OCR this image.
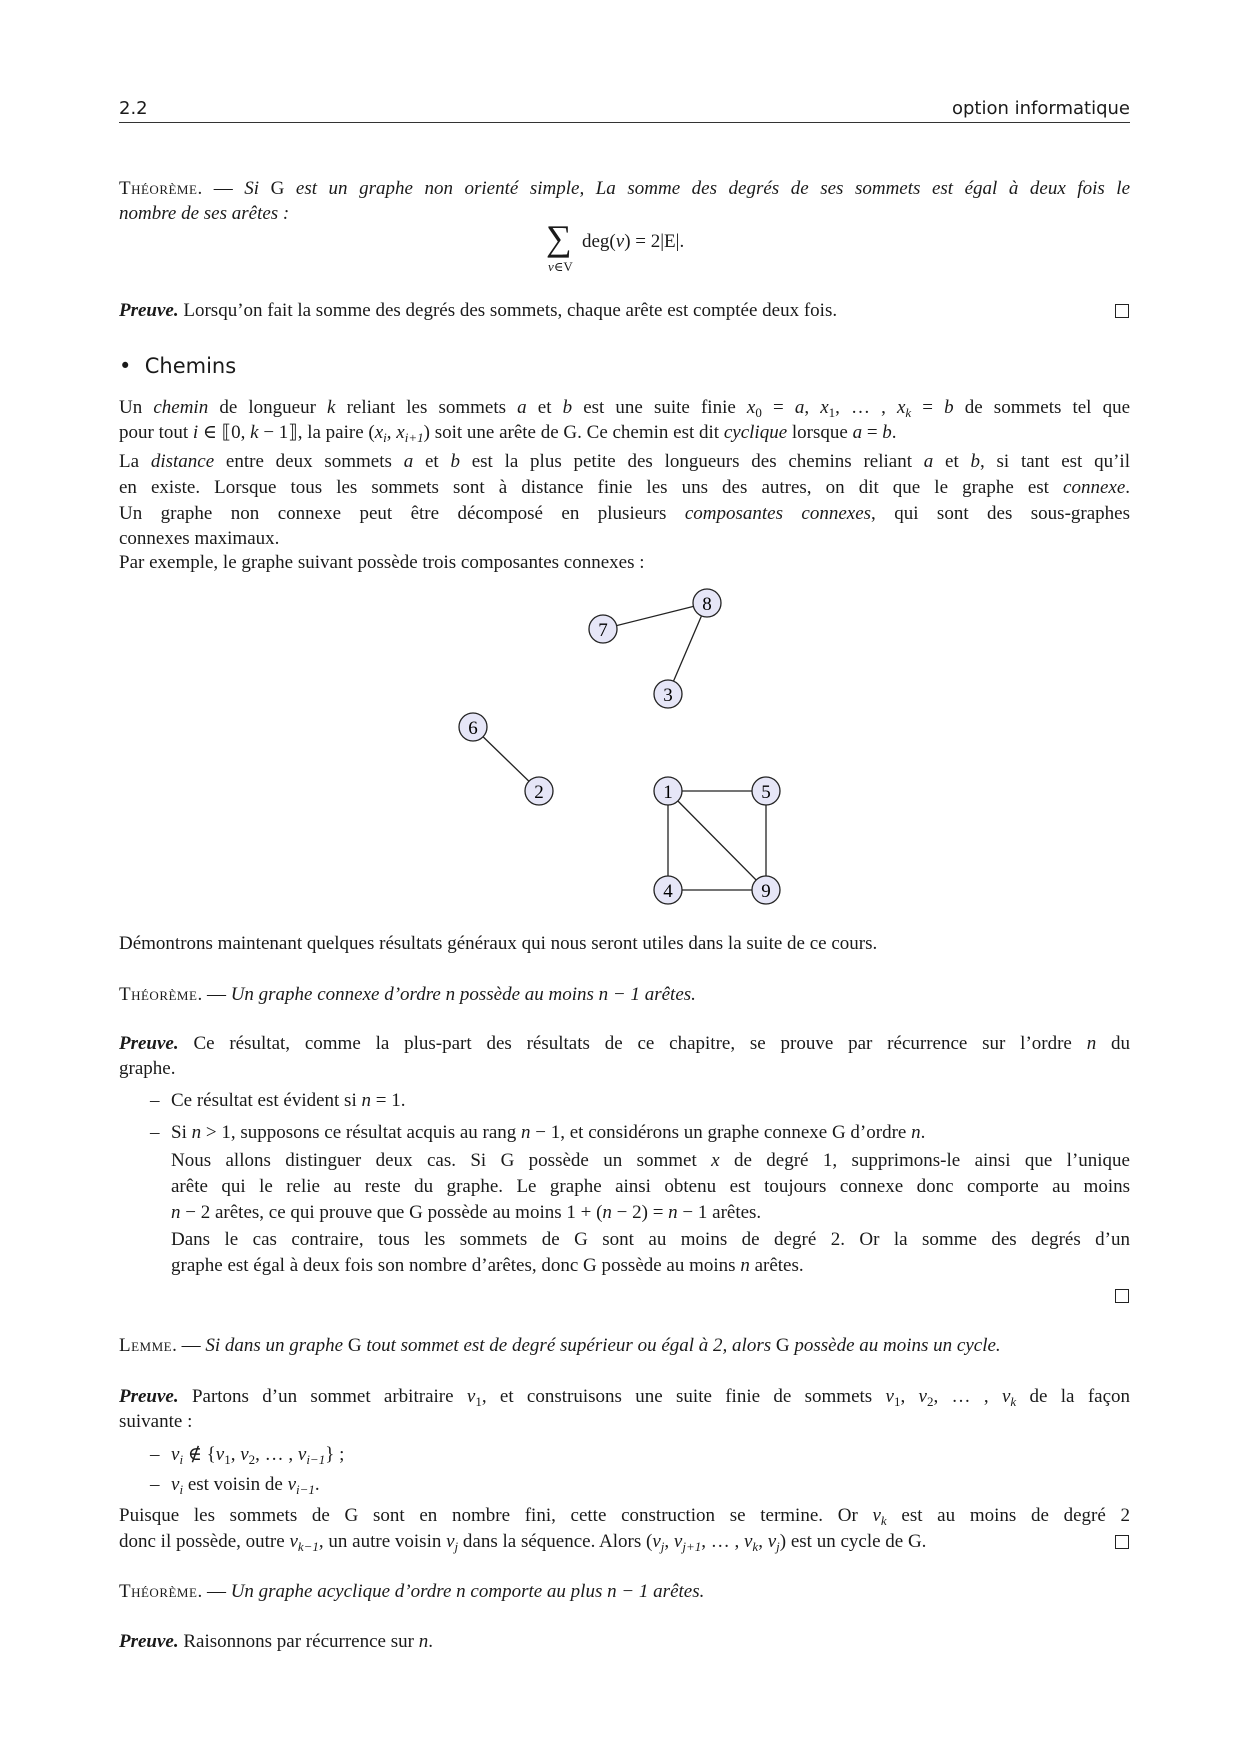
2.2	option informatique
Théorème. — Si G est un graphe non orienté simple, La somme des degrés de ses sommets est égal à deux fois le
nombre de ses arêtes :
∑ deg(v) = 2|E|.
v∈V
Preuve. Lorsqu’on fait la somme des degrés des sommets, chaque arête est comptée deux fois.
• Chemins
Un chemin de longueur k reliant les sommets a et b est une suite finie $x_0 = a$, $x_1$, … , $x_k = b$ de sommets tel que
pour tout i ∈ ⟦0, k − 1⟧, la paire ($x_i$, $x_{i+1}$) soit une arête de G. Ce chemin est dit cyclique lorsque a = b.
La distance entre deux sommets a et b est la plus petite des longueurs des chemins reliant a et b, si tant est qu’il
en existe. Lorsque tous les sommets sont à distance finie les uns des autres, on dit que le graphe est connexe.
Un graphe non connexe peut être décomposé en plusieurs composantes connexes, qui sont des sous-graphes
connexes maximaux.
Par exemple, le graphe suivant possède trois composantes connexes :
1
2
3
4
5
6
7
8
9
Démontrons maintenant quelques résultats généraux qui nous seront utiles dans la suite de ce cours.
Théorème. — Un graphe connexe d’ordre n possède au moins n − 1 arêtes.
Preuve. Ce résultat, comme la plus-part des résultats de ce chapitre, se prouve par récurrence sur l’ordre n du
graphe.
– Ce résultat est évident si n = 1.
– Si n > 1, supposons ce résultat acquis au rang n − 1, et considérons un graphe connexe G d’ordre n.
Nous allons distinguer deux cas. Si G possède un sommet x de degré 1, supprimons-le ainsi que l’unique
arête qui le relie au reste du graphe. Le graphe ainsi obtenu est toujours connexe donc comporte au moins
n − 2 arêtes, ce qui prouve que G possède au moins 1 + (n − 2) = n − 1 arêtes.
Dans le cas contraire, tous les sommets de G sont au moins de degré 2. Or la somme des degrés d’un
graphe est égal à deux fois son nombre d’arêtes, donc G possède au moins n arêtes.
Lemme. — Si dans un graphe G tout sommet est de degré supérieur ou égal à 2, alors G possède au moins un cycle.
Preuve. Partons d’un sommet arbitraire $v_1$, et construisons une suite finie de sommets $v_1$, $v_2$, … , $v_k$ de la façon
suivante :
– $v_i$ ∉ {$v_1$, $v_2$, … , $v_{i-1}$} ;
– $v_i$ est voisin de $v_{i-1}$.
Puisque les sommets de G sont en nombre fini, cette construction se termine. Or $v_k$ est au moins de degré 2
donc il possède, outre $v_{k-1}$, un autre voisin $v_j$ dans la séquence. Alors ($v_j$, $v_{j+1}$, … , $v_k$, $v_j$) est un cycle de G.
Théorème. — Un graphe acyclique d’ordre n comporte au plus n − 1 arêtes.
Preuve. Raisonnons par récurrence sur n.
